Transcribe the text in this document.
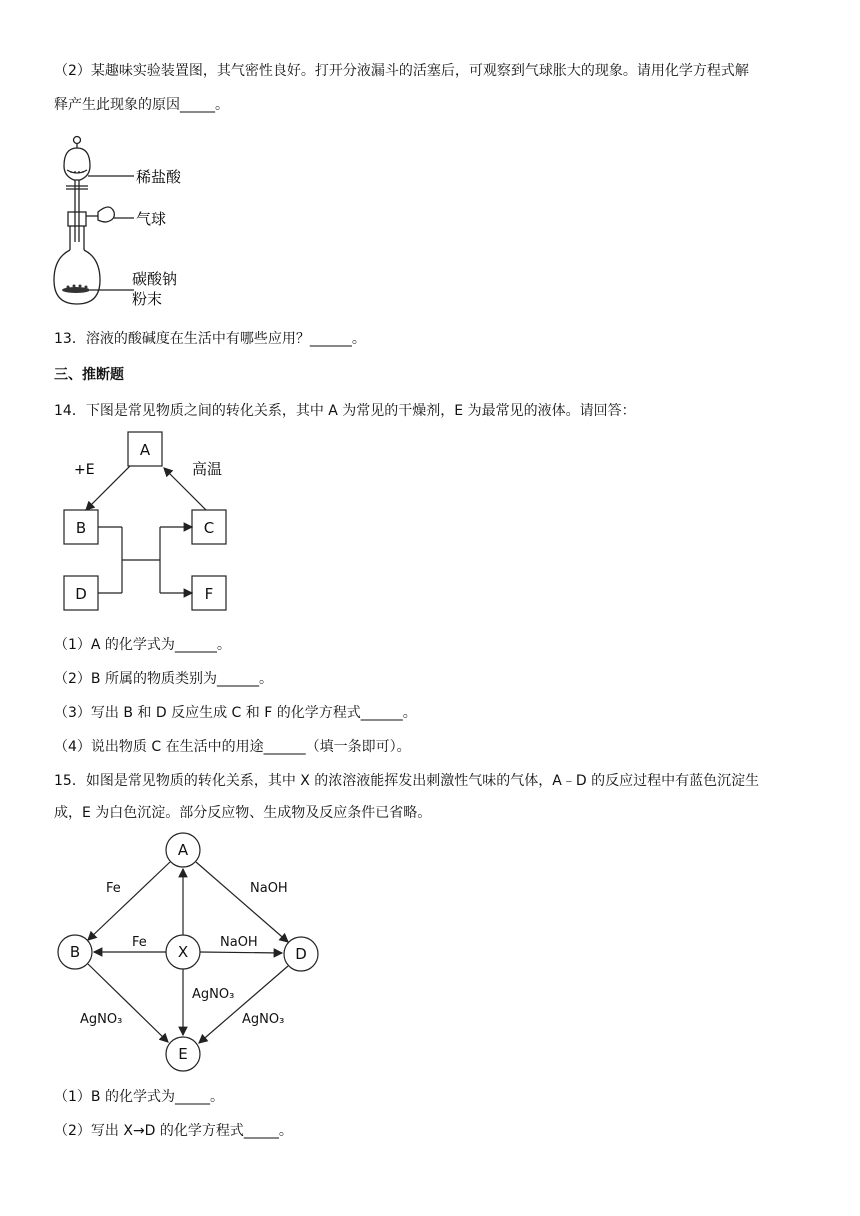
（2）某趣味实验装置图，其气密性良好。打开分液漏斗的活塞后，可观察到气球胀大的现象。请用化学方程式解
释产生此现象的原因_____。
稀盐酸
气球
碳酸钠
粉末
13．溶液的酸碱度在生活中有哪些应用？______。
三、推断题
14．下图是常见物质之间的转化关系，其中 A 为常见的干燥剂，E 为最常见的液体。请回答：
A
B	C
D	F
+E	高温
（1）A 的化学式为______。
（2）B 所属的物质类别为______。
（3）写出 B 和 D 反应生成 C 和 F 的化学方程式______。
（4）说出物质 C 在生活中的用途______（填一条即可）。
15．如图是常见物质的转化关系，其中 X 的浓溶液能挥发出刺激性气味的气体，A﹣D 的反应过程中有蓝色沉淀生
成，E 为白色沉淀。部分反应物、生成物及反应条件已省略。
A
B	X	D
E
Fe	NaOH
Fe	NaOH
AgNO₃
AgNO₃	AgNO₃
（1）B 的化学式为_____。
（2）写出 X→D 的化学方程式_____。
